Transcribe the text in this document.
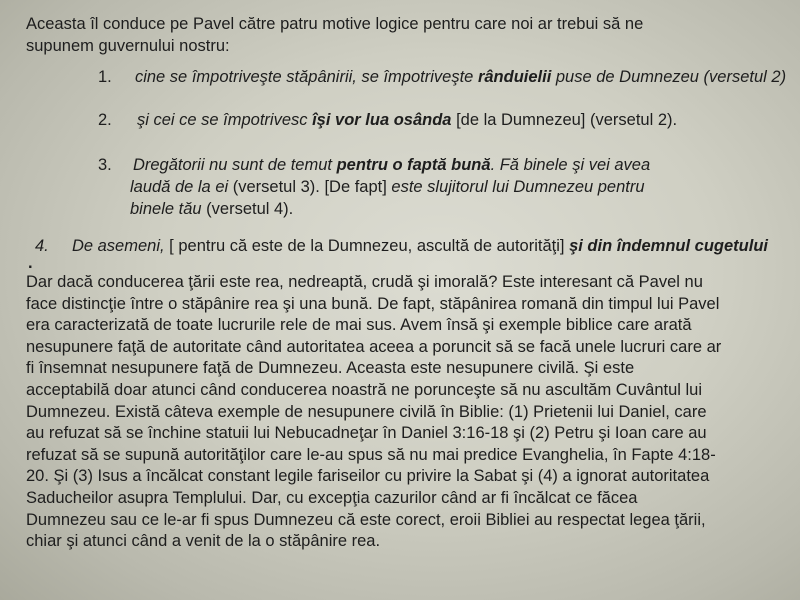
Aceasta îl conduce pe Pavel către patru motive logice pentru care noi ar trebui să ne
supunem guvernului nostru:
1. cine se împotriveşte stăpânirii, se împotriveşte rânduielii puse de Dumnezeu (versetul 2)
2. şi cei ce se împotrivesc îşi vor lua osânda [de la Dumnezeu] (versetul 2).
3.  Dregătorii nu sunt de temut pentru o faptă bună. Fă binele şi vei avea
laudă de la ei (versetul 3). [De fapt] este slujitorul lui Dumnezeu pentru
binele tău (versetul 4).
4. De asemeni, [ pentru că este de la Dumnezeu, ascultă de autorităţi] şi din îndemnul cugetului
.
Dar dacă conducerea ţării este rea, nedreaptă, crudă şi imorală? Este interesant că Pavel nu
face distincţie între o stăpânire rea şi una bună. De fapt, stăpânirea romană din timpul lui Pavel
era caracterizată de toate lucrurile rele de mai sus. Avem însă şi exemple biblice care arată
nesupunere faţă de autoritate când autoritatea aceea a poruncit să se facă unele lucruri care ar
fi însemnat nesupunere faţă de Dumnezeu. Aceasta este nesupunere civilă. Şi este
acceptabilă doar atunci când conducerea noastră ne porunceşte să nu ascultăm Cuvântul lui
Dumnezeu. Există câteva exemple de nesupunere civilă în Biblie: (1) Prietenii lui Daniel, care
au refuzat să se închine statuii lui Nebucadneţar în Daniel 3:16-18 şi (2) Petru şi Ioan care au
refuzat să se supună autorităţilor care le-au spus să nu mai predice Evangheliа, în Fapte 4:18-
20. Şi (3) Isus a încălcat constant legile fariseilor cu privire la Sabat şi (4) a ignorat autoritatea
Saducheilor asupra Templului. Dar, cu excepţia cazurilor când ar fi încălcat ce făcea
Dumnezeu sau ce le-ar fi spus Dumnezeu că este corect, eroii Bibliei au respectat legea ţării,
chiar şi atunci când a venit de la o stăpânire rea.
